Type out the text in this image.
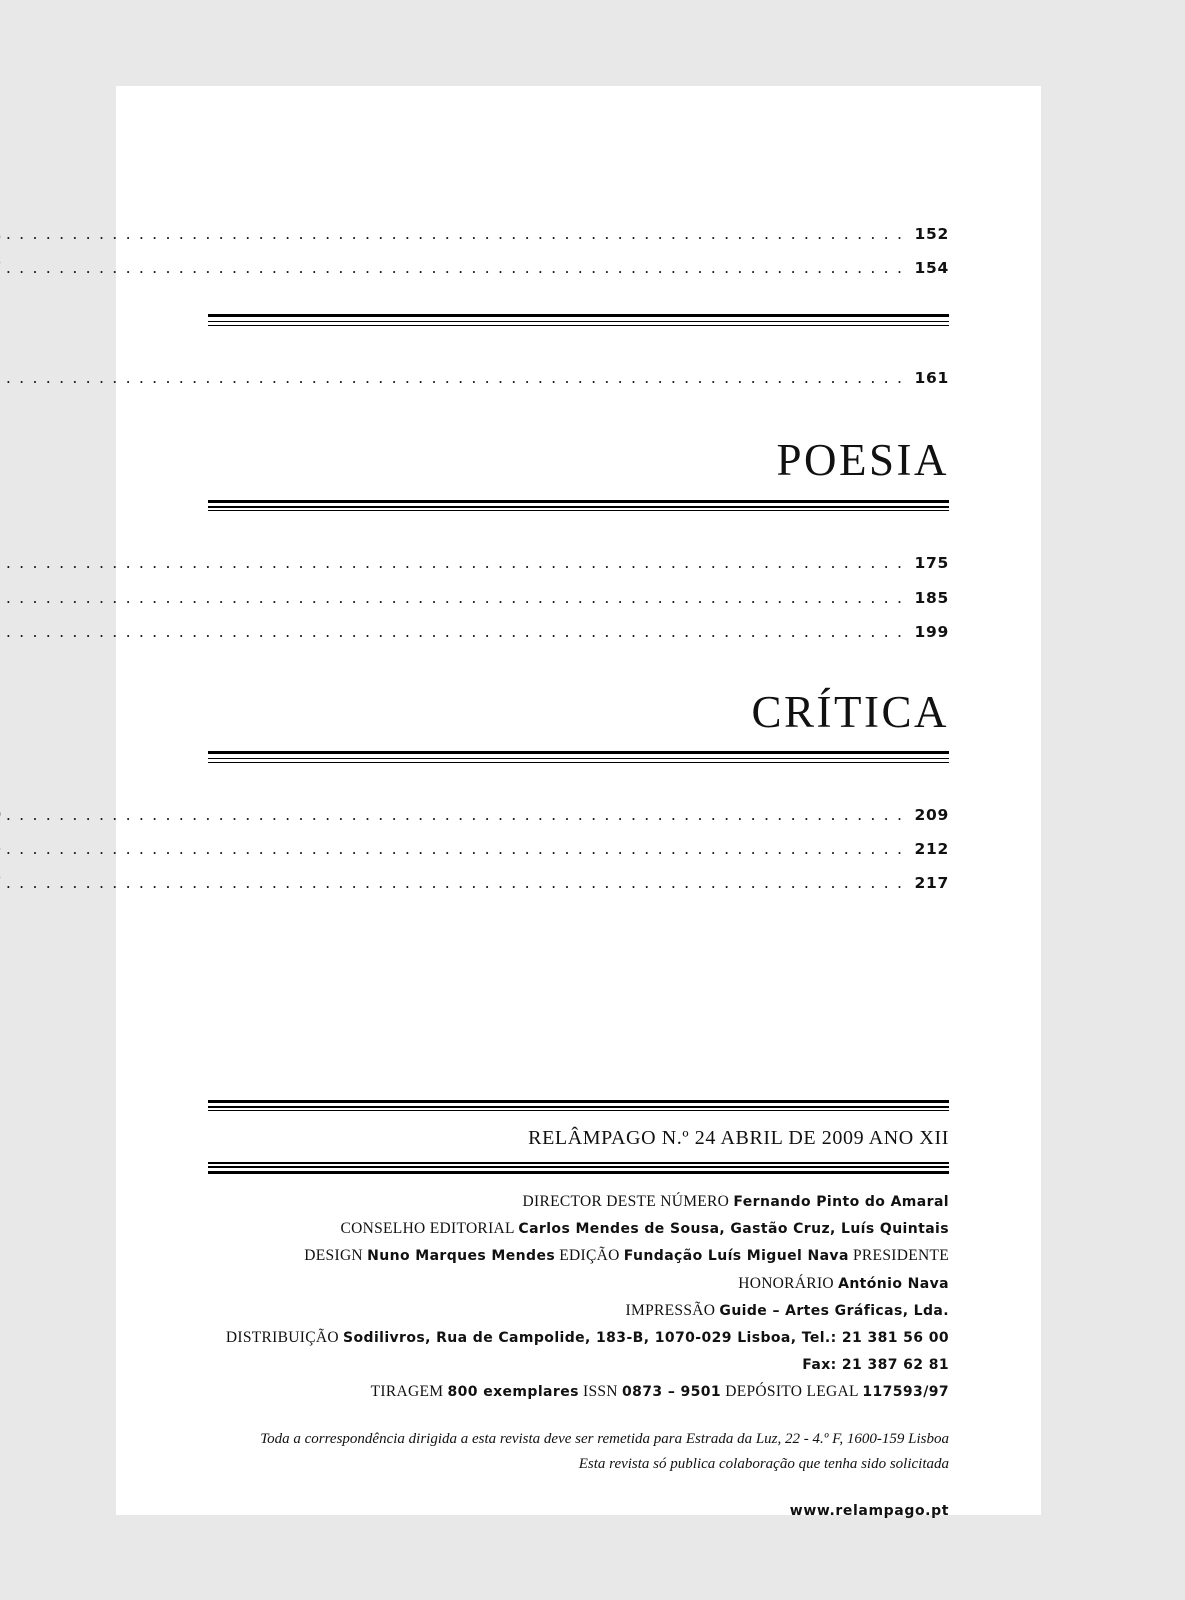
. . . . . . . . . . . . . . . . . . . . . . . . . . . . . . . . . . . . . . . . . . . . . . . . . . . . . . . . . . . . . . . . . . . . 152
. . . . . . . . . . . . . . . . . . . . . . . . . . . . . . . . . . . . . . . . . . . . . . . . . . . . . . . . . . . . . . . . . . . . 154
. . . . . . . . . . . . . . . . . . . . . . . . . . . . . . . . . . . . . . . . . . . . . . . . . . . . . . . . . . . . . . . . . . . . 161
POESIA
. . . . . . . . . . . . . . . . . . . . . . . . . . . . . . . . . . . . . . . . . . . . . . . . . . . . . . . . . . . . . . . . . . . . 175
. . . . . . . . . . . . . . . . . . . . . . . . . . . . . . . . . . . . . . . . . . . . . . . . . . . . . . . . . . . . . . . . . . . . 185
. . . . . . . . . . . . . . . . . . . . . . . . . . . . . . . . . . . . . . . . . . . . . . . . . . . . . . . . . . . . . . . . . . . . 199
CRÍTICA
. . . . . . . . . . . . . . . . . . . . . . . . . . . . . . . . . . . . . . . . . . . . . . . . . . . . . . . . . . . . . . . . . . . . 209
. . . . . . . . . . . . . . . . . . . . . . . . . . . . . . . . . . . . . . . . . . . . . . . . . . . . . . . . . . . . . . . . . . . . 212
. . . . . . . . . . . . . . . . . . . . . . . . . . . . . . . . . . . . . . . . . . . . . . . . . . . . . . . . . . . . . . . . . . . . 217
RELÂMPAGO N.º 24 ABRIL DE 2009 ANO XII
DIRECTOR DESTE NÚMERO Fernando Pinto do Amaral
CONSELHO EDITORIAL Carlos Mendes de Sousa, Gastão Cruz, Luís Quintais
DESIGN Nuno Marques Mendes EDIÇÃO Fundação Luís Miguel Nava PRESIDENTE HONORÁRIO António Nava
IMPRESSÃO Guide – Artes Gráficas, Lda.
DISTRIBUIÇÃO Sodilivros, Rua de Campolide, 183-B, 1070-029 Lisboa, Tel.: 21 381 56 00 Fax: 21 387 62 81
TIRAGEM 800 exemplares ISSN 0873 – 9501 DEPÓSITO LEGAL 117593/97
Toda a correspondência dirigida a esta revista deve ser remetida para Estrada da Luz, 22 - 4.º F, 1600-159 Lisboa
Esta revista só publica colaboração que tenha sido solicitada
www.relampago.pt
